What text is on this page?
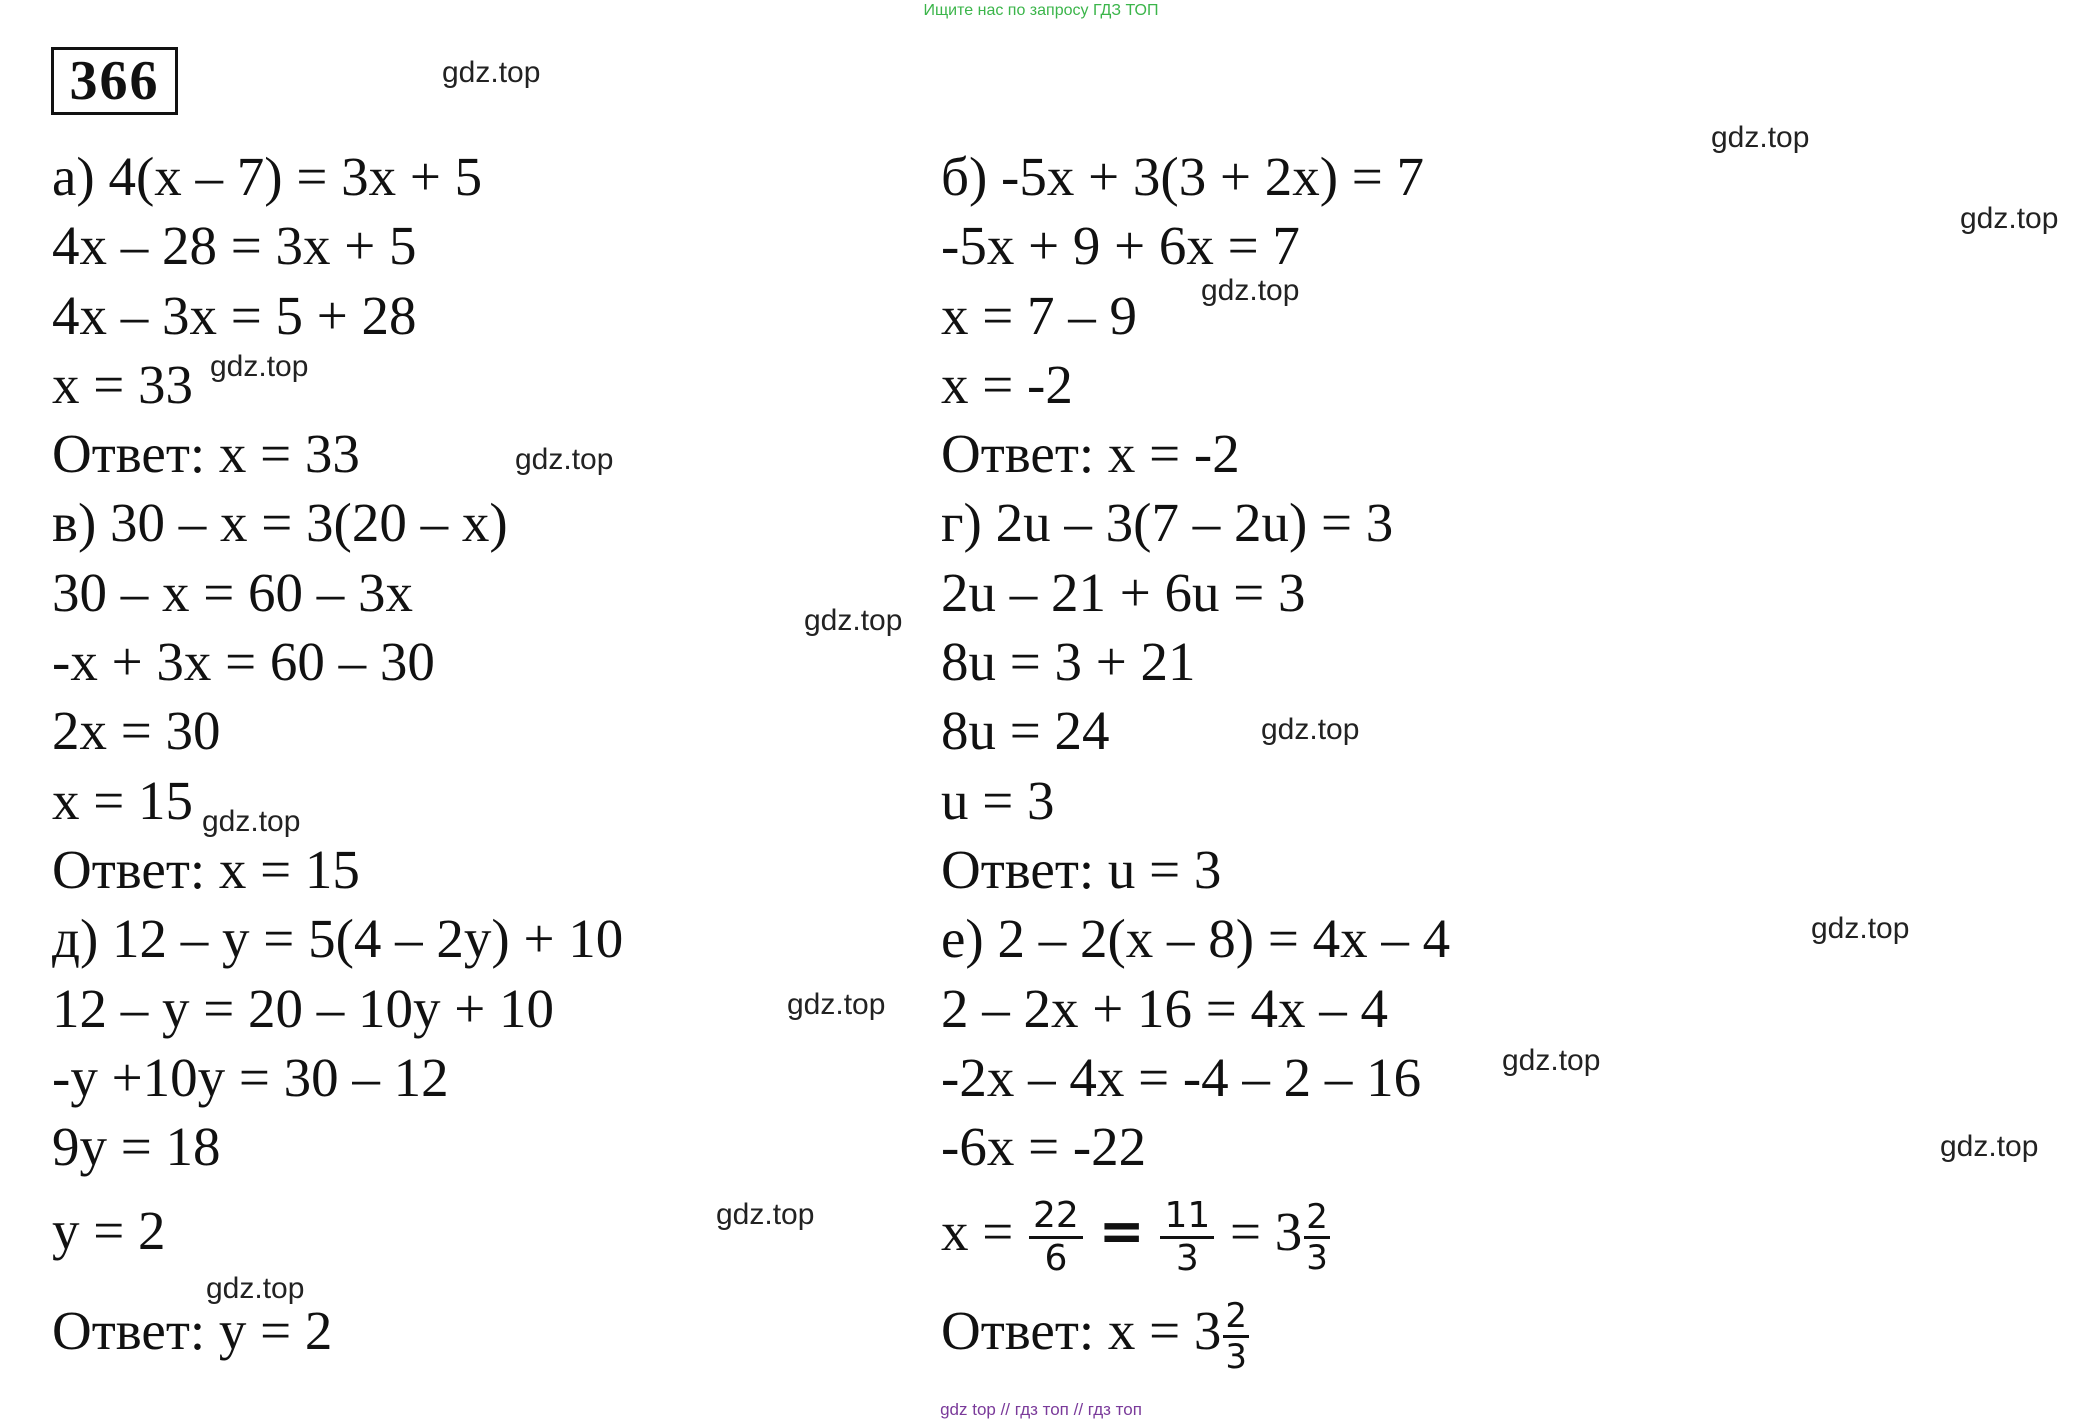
Ищите нас по запросу ГДЗ ТОП
366
а) 4(x – 7) = 3x + 5
4x – 28 = 3x + 5
4x – 3x = 5 + 28
x = 33
Ответ: x = 33
в) 30 – x = 3(20 – x)
30 – x = 60 – 3x
-x + 3x = 60 – 30
2x = 30
x = 15
Ответ: x = 15
д) 12 – y = 5(4 – 2y) + 10
12 – y = 20 – 10y + 10
-y +10y = 30 – 12
9y = 18
y = 2
Ответ: y = 2
б) -5x + 3(3 + 2x) = 7
-5x + 9 + 6x = 7
x = 7 – 9
x = -2
Ответ: x = -2
г) 2u – 3(7 – 2u) = 3
2u – 21 + 6u = 3
8u = 3 + 21
8u = 24
u = 3
Ответ: u = 3
е) 2 – 2(x – 8) = 4x – 4
2 – 2x + 16 = 4x – 4
-2x – 4x = -4 – 2 – 16
-6x = -22
$x = \frac{22}{6} = \frac{11}{3} = 3 \frac{2}{3}$
Ответ: $x = 3 \frac{2}{3}$
gdz.top
gdz.top
gdz.top
gdz.top
gdz.top
gdz.top
gdz.top
gdz.top
gdz.top
gdz.top
gdz.top
gdz.top
gdz.top
gdz.top
gdz.top
gdz top // гдз топ // гдз топ
